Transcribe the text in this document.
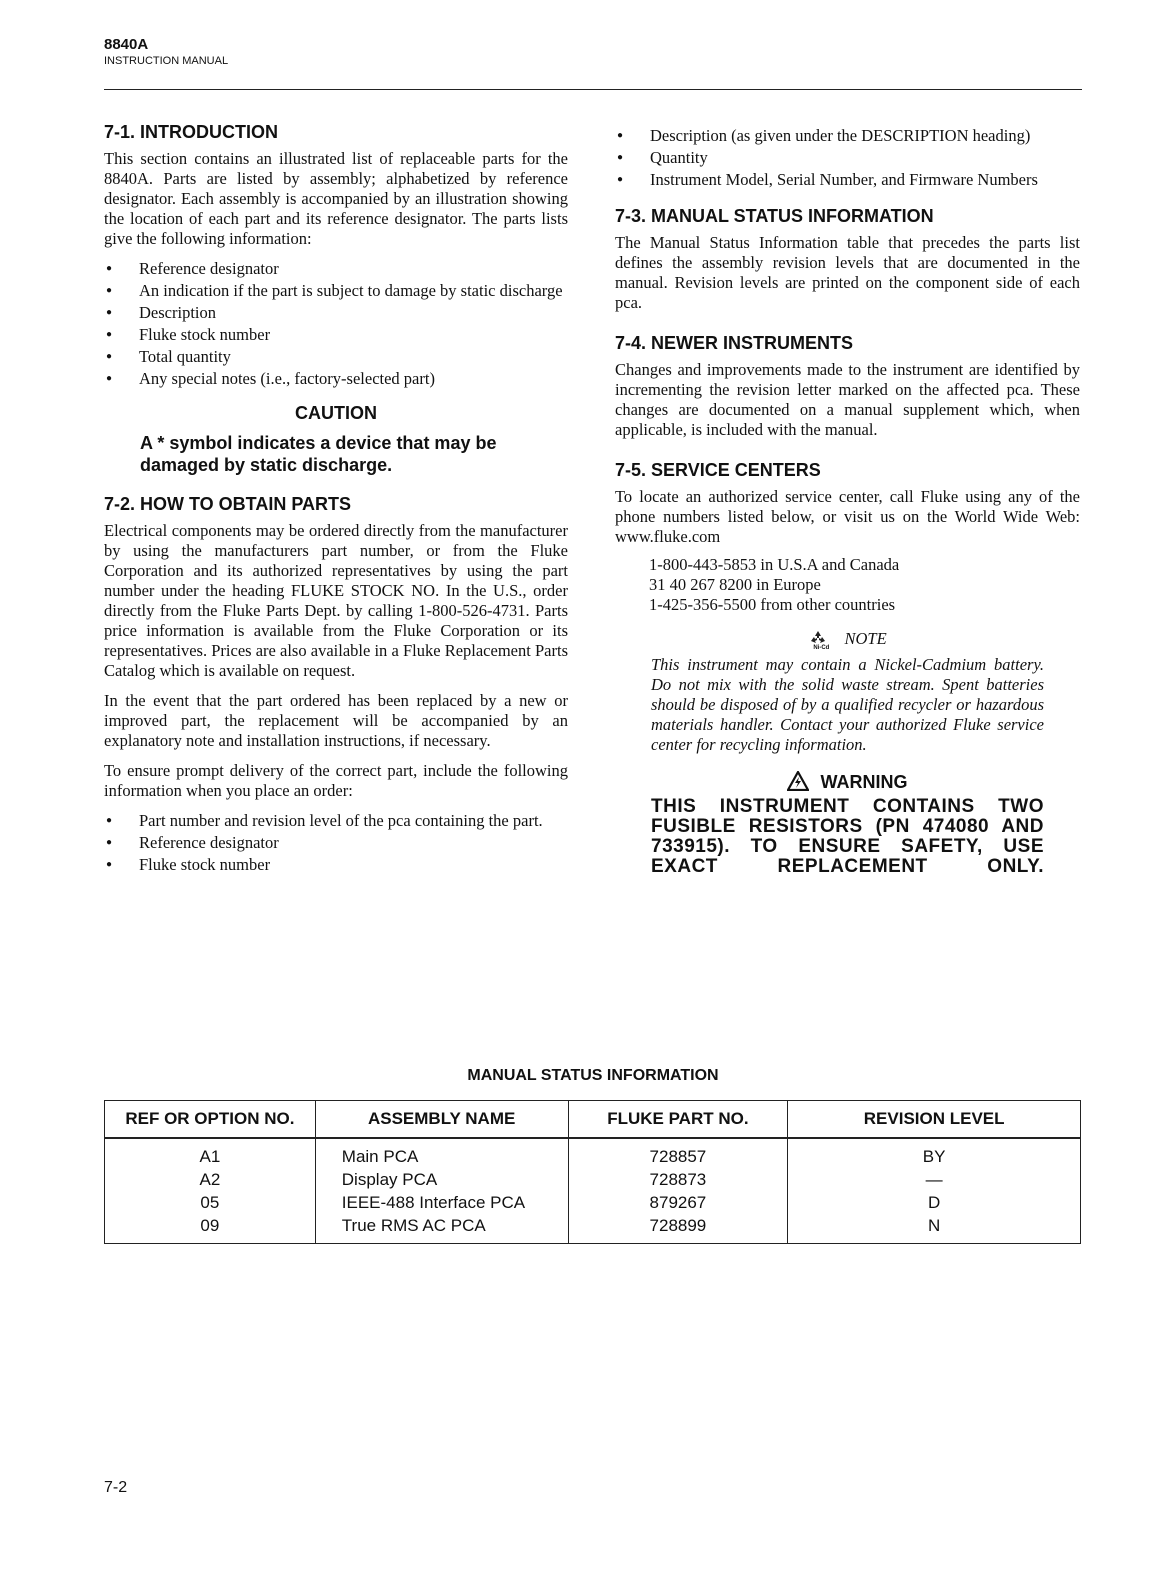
8840A
INSTRUCTION MANUAL
7-1. INTRODUCTION

This section contains an illustrated list of replaceable parts for the 8840A. Parts are listed by assembly; alphabetized by reference designator. Each assembly is accompanied by an illustration showing the location of each part and its reference designator. The parts lists give the following information:

● Reference designator
● An indication if the part is subject to damage by static discharge
● Description
● Fluke stock number
● Total quantity
● Any special notes (i.e., factory-selected part)
CAUTION
A * symbol indicates a device that may be damaged by static discharge.
7-2. HOW TO OBTAIN PARTS

Electrical components may be ordered directly from the manufacturer by using the manufacturers part number, or from the Fluke Corporation and its authorized representatives by using the part number under the heading FLUKE STOCK NO. In the U.S., order directly from the Fluke Parts Dept. by calling 1-800-526-4731. Parts price information is available from the Fluke Corporation or its representatives. Prices are also available in a Fluke Replacement Parts Catalog which is available on request.

In the event that the part ordered has been replaced by a new or improved part, the replacement will be accompanied by an explanatory note and installation instructions, if necessary.

To ensure prompt delivery of the correct part, include the following information when you place an order:

● Part number and revision level of the pca containing the part.
● Reference designator
● Fluke stock number
● Description (as given under the DESCRIPTION heading)
● Quantity
● Instrument Model, Serial Number, and Firmware Numbers
7-3. MANUAL STATUS INFORMATION

The Manual Status Information table that precedes the parts list defines the assembly revision levels that are documented in the manual. Revision levels are printed on the component side of each pca.

7-4. NEWER INSTRUMENTS

Changes and improvements made to the instrument are identified by incrementing the revision letter marked on the affected pca. These changes are documented on a manual supplement which, when applicable, is included with the manual.

7-5. SERVICE CENTERS

To locate an authorized service center, call Fluke using any of the phone numbers listed below, or visit us on the World Wide Web: www.fluke.com

1-800-443-5853 in U.S.A and Canada
31 40 267 8200 in Europe
1-425-356-5500 from other countries
Ni-Cd
NOTE
This instrument may contain a Nickel-Cadmium battery. Do not mix with the solid waste stream. Spent batteries should be disposed of by a qualified recycler or hazardous materials handler. Contact your authorized Fluke service center for recycling information.
WARNING
THIS INSTRUMENT CONTAINS TWO FUSIBLE RESISTORS (PN 474080 AND 733915). TO ENSURE SAFETY, USE EXACT REPLACEMENT ONLY.
MANUAL STATUS INFORMATION
REF OR OPTION NO.	ASSEMBLY NAME	FLUKE PART NO.	REVISION LEVEL
A1	Main PCA	728857	BY
A2	Display PCA	728873	—
05	IEEE-488 Interface PCA	879267	D
09	True RMS AC PCA	728899	N
7-2
